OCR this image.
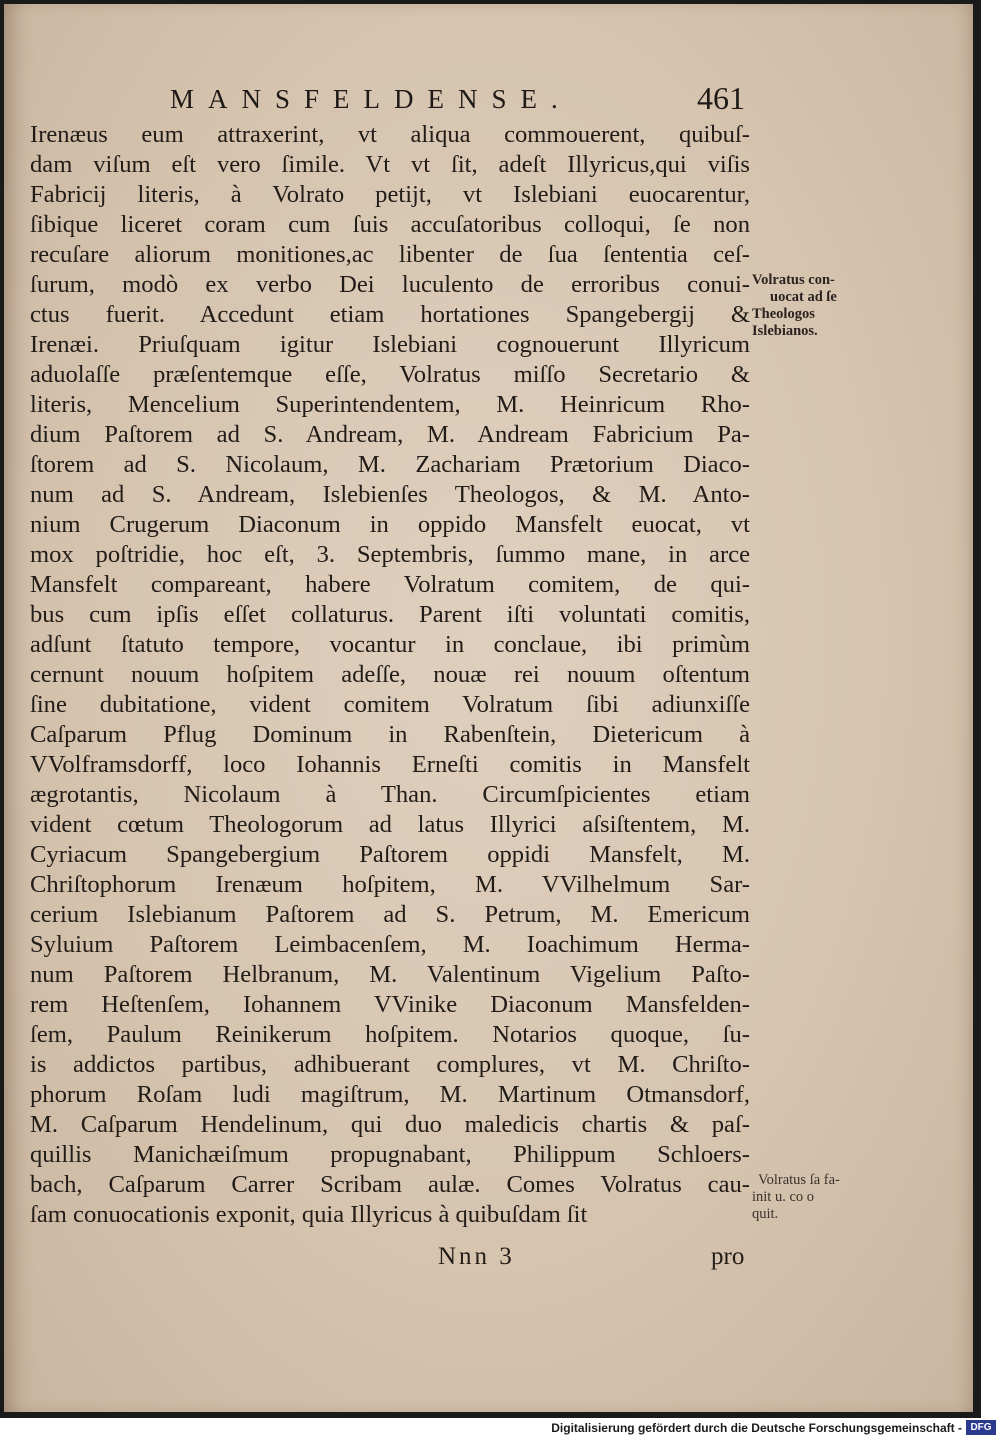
MANSFELDENSE.	461
Irenæus eum attraxerint, vt aliqua commouerent, quibuſ-
dam viſum eſt vero ſimile. Vt vt ſit, adeſt Illyricus,qui viſis
Fabricij literis, à Volrato petijt, vt Islebiani euocarentur,
ſibique liceret coram cum ſuis accuſatoribus colloqui, ſe non
recuſare aliorum monitiones,ac libenter de ſua ſententia ceſ-
ſurum, modò ex verbo Dei luculento de erroribus conui-
ctus fuerit. Accedunt etiam hortationes Spangebergij &
Irenæi. Priuſquam igitur Islebiani cognouerunt Illyricum
aduolaſſe præſentemque eſſe, Volratus miſſo Secretario &
literis, Mencelium Superintendentem, M. Heinricum Rho-
dium Paſtorem ad S. Andream, M. Andream Fabricium Pa-
ſtorem ad S. Nicolaum, M. Zachariam Prætorium Diaco-
num ad S. Andream, Islebienſes Theologos, & M. Anto-
nium Crugerum Diaconum in oppido Mansfelt euocat, vt
mox poſtridie, hoc eſt, 3. Septembris, ſummo mane, in arce
Mansfelt compareant, habere Volratum comitem, de qui-
bus cum ipſis eſſet collaturus. Parent iſti voluntati comitis,
adſunt ſtatuto tempore, vocantur in conclaue, ibi primùm
cernunt nouum hoſpitem adeſſe, nouæ rei nouum oſtentum
ſine dubitatione, vident comitem Volratum ſibi adiunxiſſe
Caſparum Pflug Dominum in Rabenſtein, Dietericum à
VVolframsdorff, loco Iohannis Erneſti comitis in Mansfelt
ægrotantis, Nicolaum à Than. Circumſpicientes etiam
vident cœtum Theologorum ad latus Illyrici aſsiſtentem, M.
Cyriacum Spangebergium Paſtorem oppidi Mansfelt, M.
Chriſtophorum Irenæum hoſpitem, M. VVilhelmum Sar-
cerium Islebianum Paſtorem ad S. Petrum, M. Emericum
Syluium Paſtorem Leimbacenſem, M. Ioachimum Herma-
num Paſtorem Helbranum, M. Valentinum Vigelium Paſto-
rem Heſtenſem, Iohannem VVinike Diaconum Mansfelden-
ſem, Paulum Reinikerum hoſpitem. Notarios quoque, ſu-
is addictos partibus, adhibuerant complures, vt M. Chriſto-
phorum Roſam ludi magiſtrum, M. Martinum Otmansdorf,
M. Caſparum Hendelinum, qui duo maledicis chartis & paſ-
quillis Manichæiſmum propugnabant, Philippum Schloers-
bach, Caſparum Carrer Scribam aulæ. Comes Volratus cau-
ſam conuocationis exponit, quia Illyricus à quibuſdam ſit
Volratus con-
uocat ad ſe
Theologos
Islebianos.
Volratus ſa fa-
init u. co o
quit.
Nnn 3	pro
Digitalisierung gefördert durch die Deutsche Forschungsgemeinschaft - DFG
